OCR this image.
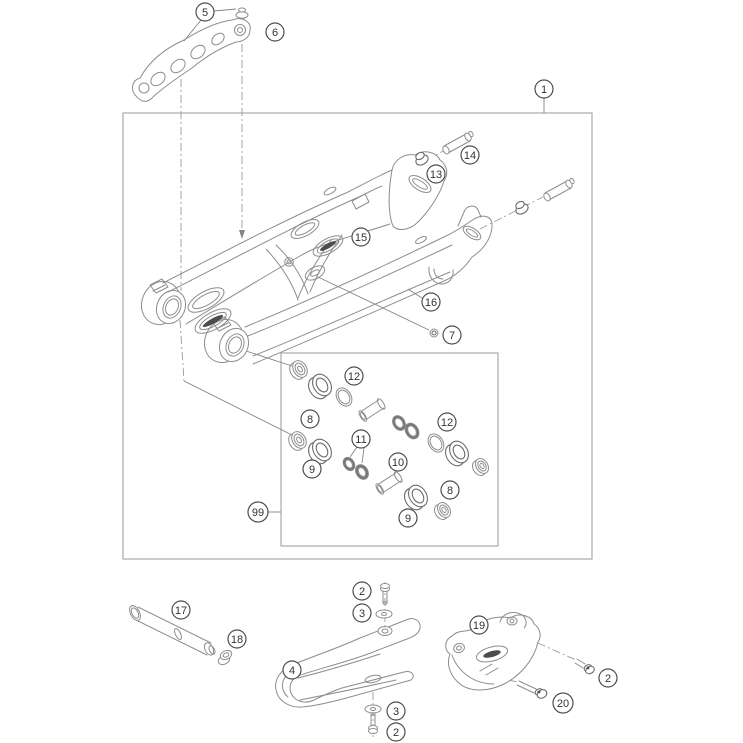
5
6
1
13
14
15
16
7
12
8
9
11
10
12
8
9
99
17
18
2
3
4
3
2
19
2
20
